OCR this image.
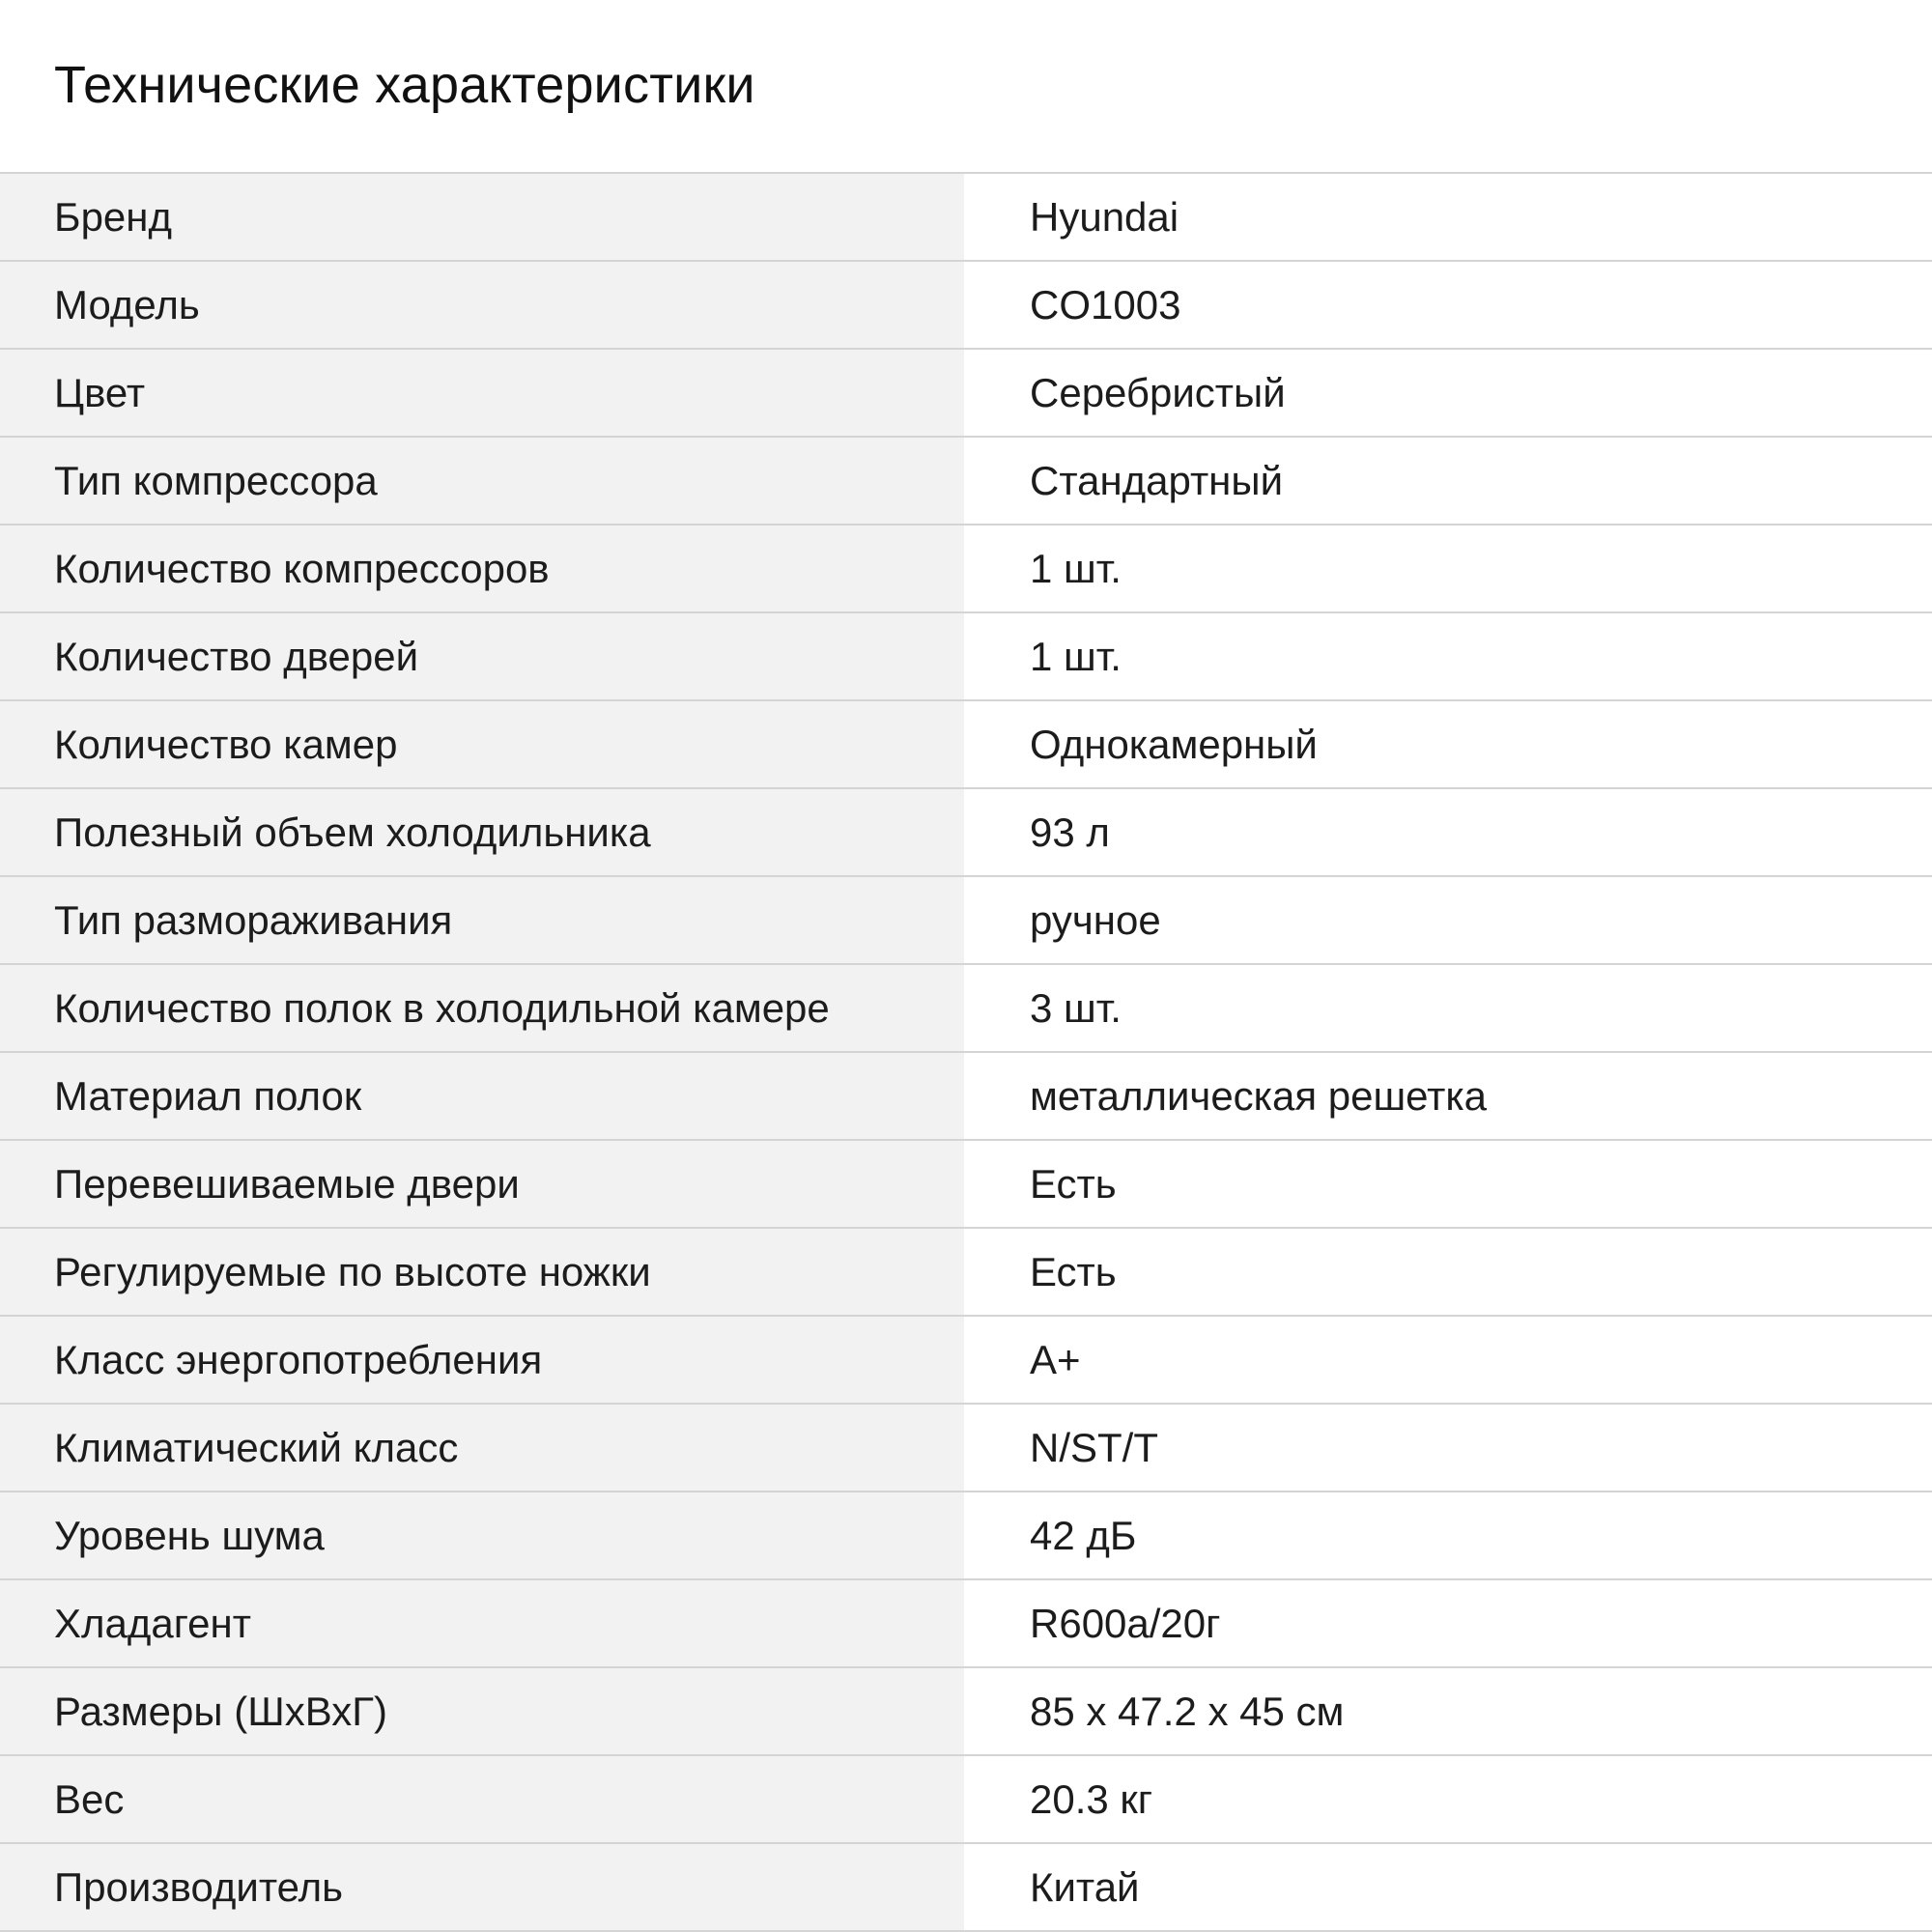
Технические характеристики
Бренд	Hyundai
Модель	CO1003
Цвет	Серебристый
Тип компрессора	Стандартный
Количество компрессоров	1 шт.
Количество дверей	1 шт.
Количество камер	Однокамерный
Полезный объем холодильника	93 л
Тип размораживания	ручное
Количество полок в холодильной камере	3 шт.
Материал полок	металлическая решетка
Перевешиваемые двери	Есть
Регулируемые по высоте ножки	Есть
Класс энергопотребления	A+
Климатический класс	N/ST/T
Уровень шума	42 дБ
Хладагент	R600a/20г
Размеры (ШхВхГ)	85 х 47.2 х 45 см
Вес	20.3 кг
Производитель	Китай
